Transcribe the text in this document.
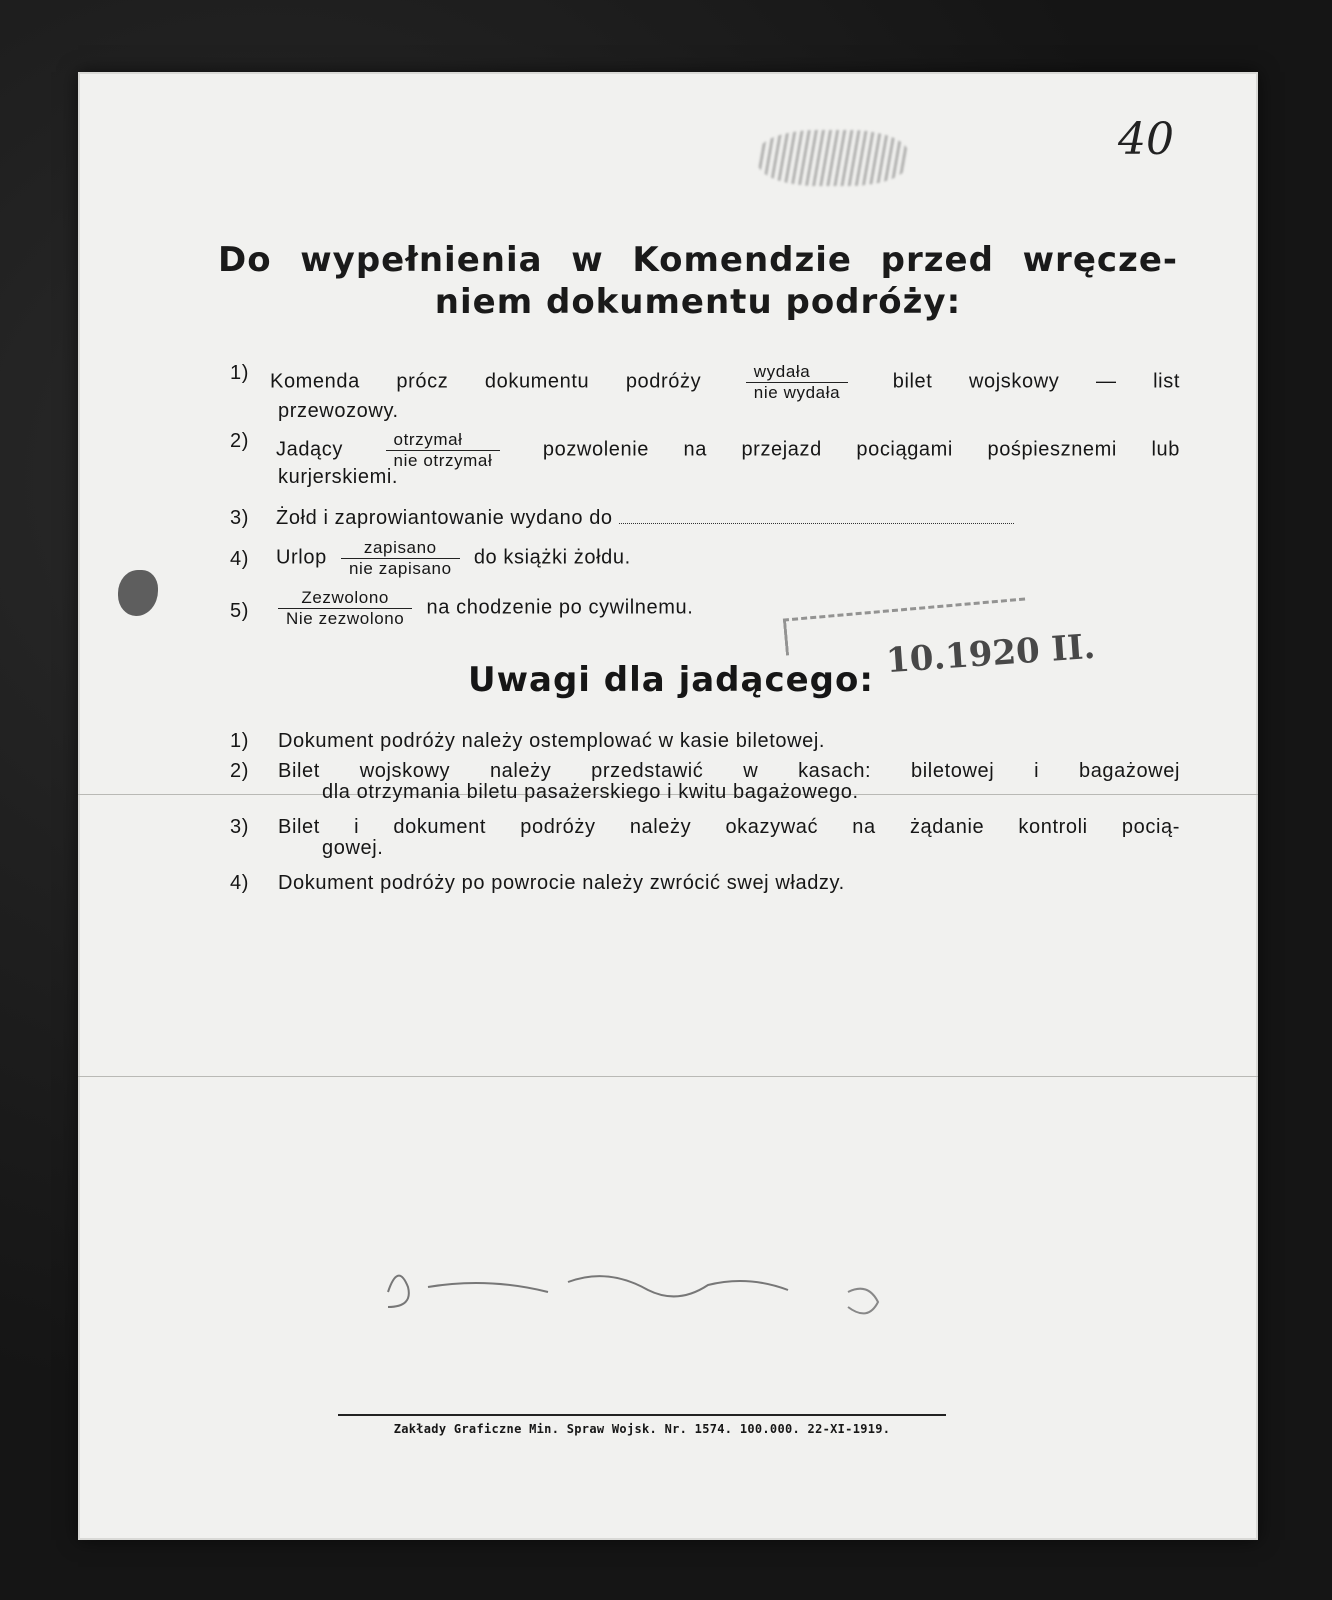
40
Do wypełnienia w Komendzie przed wręcze-
niem dokumentu podróży:
1)	Komenda prócz dokumentu podróży	$\frac{\text{wydała}}{\text{nie wydała}}$ bilet wojskowy — list
przewozowy.
2)	Jadący	$\frac{\text{otrzymał}}{\text{nie otrzymał}}$ pozwolenie na przejazd pociągami pośpiesznemi lub
kurjerskiemi.
3)	Żołd i zaprowiantowanie wydano do
4)	Urlop $\frac{\text{zapisano}}{\text{nie zapisano}}$ do książki żołdu.
5)	$\frac{\text{Zezwolono}}{\text{Nie zezwolono}}$ na chodzenie po cywilnemu.
10.1920 II.
Uwagi dla jadącego:
1)	Dokument podróży należy ostemplować w kasie biletowej.
2)	Bilet wojskowy należy przedstawić w kasach: biletowej i bagażowej
dla otrzymania biletu pasażerskiego i kwitu bagażowego.
3)	Bilet i dokument podróży należy okazywać na żądanie kontroli pocią-
gowej.
4)	Dokument podróży po powrocie należy zwrócić swej władzy.
Zakłady Graficzne Min. Spraw Wojsk. Nr. 1574. 100.000. 22-XI-1919.
